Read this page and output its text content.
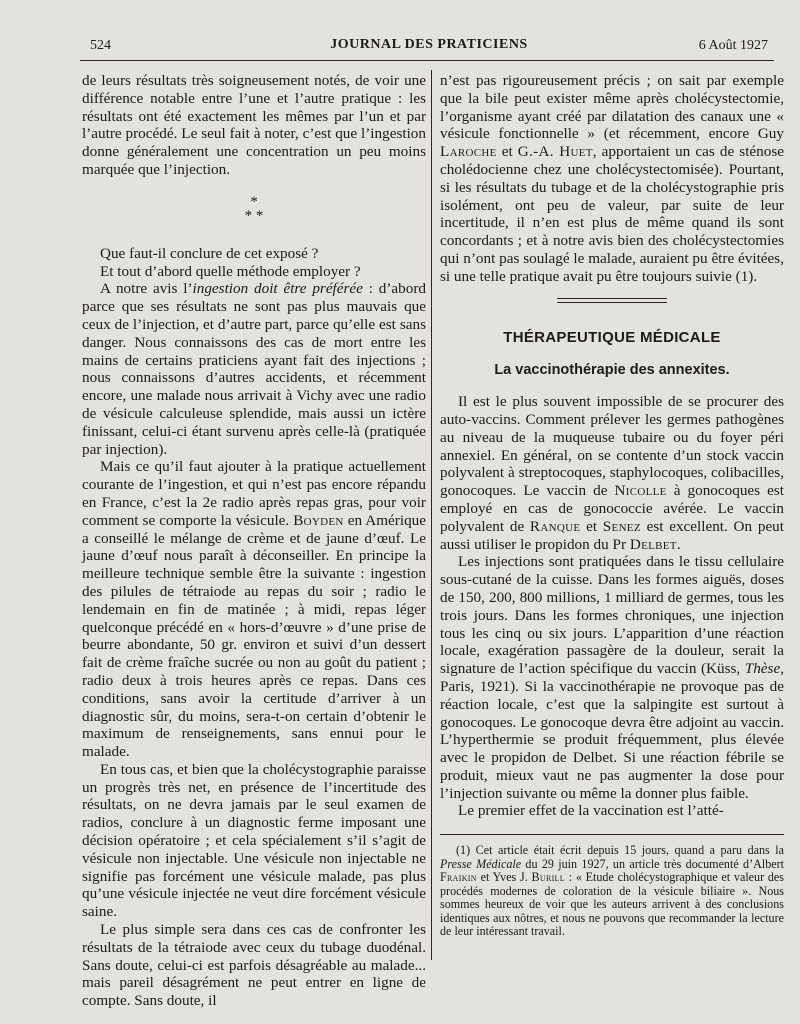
524	JOURNAL DES PRATICIENS	6 Août 1927

de leurs résultats très soigneusement notés, de voir une différence notable entre l’une et l’autre pratique : les résultats ont été exactement les mêmes par l’un et par l’autre procédé. Le seul fait à noter, c’est que l’ingestion donne généralement une concentration un peu moins marquée que l’injection.

*
* *

Que faut-il conclure de cet exposé ?

Et tout d’abord quelle méthode employer ?

A notre avis l’ingestion doit être préférée : d’abord parce que ses résultats ne sont pas plus mauvais que ceux de l’injection, et d’autre part, parce qu’elle est sans danger. Nous connaissons des cas de mort entre les mains de certains praticiens ayant fait des injections ; nous connaissons d’autres accidents, et récemment encore, une malade nous arrivait à Vichy avec une radio de vésicule calculeuse splendide, mais aussi un ictère finissant, celui-ci étant survenu après celle-là (pratiquée par injection).

Mais ce qu’il faut ajouter à la pratique actuellement courante de l’ingestion, et qui n’est pas encore répandu en France, c’est la 2e radio après repas gras, pour voir comment se comporte la vésicule. Boyden en Amérique a conseillé le mélange de crème et de jaune d’œuf. Le jaune d’œuf nous paraît à déconseiller. En principe la meilleure technique semble être la suivante : ingestion des pilules de tétraiode au repas du soir ; radio le lendemain en fin de matinée ; à midi, repas léger quelconque précédé en « hors-d’œuvre » d’une prise de beurre abondante, 50 gr. environ et suivi d’un dessert fait de crème fraîche sucrée ou non au goût du patient ; radio deux à trois heures après ce repas. Dans ces conditions, sans avoir la certitude d’arriver à un diagnostic sûr, du moins, sera-t-on certain d’obtenir le maximum de renseignements, sans ennui pour le malade.

En tous cas, et bien que la cholécystographie paraisse un progrès très net, en présence de l’incertitude des résultats, on ne devra jamais par le seul examen de radios, conclure à un diagnostic ferme imposant une décision opératoire ; et cela spécialement s’il s’agit de vésicule non injectable. Une vésicule non injectable ne signifie pas forcément une vésicule malade, pas plus qu’une vésicule injectée ne veut dire forcément vésicule saine.

Le plus simple sera dans ces cas de confronter les résultats de la tétraiode avec ceux du tubage duodénal. Sans doute, celui-ci est parfois désagréable au malade... mais pareil désagrément ne peut entrer en ligne de compte. Sans doute, il

n’est pas rigoureusement précis ; on sait par exemple que la bile peut exister même après cholécystectomie, l’organisme ayant créé par dilatation des canaux une « vésicule fonctionnelle » (et récemment, encore Guy Laroche et G.-A. Huet, apportaient un cas de sténose cholédocienne chez une cholécystectomisée). Pourtant, si les résultats du tubage et de la cholécystographie pris isolément, ont peu de valeur, par suite de leur incertitude, il n’en est plus de même quand ils sont concordants ; et à notre avis bien des cholécystectomies qui n’ont pas soulagé le malade, auraient pu être évitées, si une telle pratique avait pu être toujours suivie (1).

THÉRAPEUTIQUE MÉDICALE
La vaccinothérapie des annexites.

Il est le plus souvent impossible de se procurer des auto-vaccins. Comment prélever les germes pathogènes au niveau de la muqueuse tubaire ou du foyer péri annexiel. En général, on se contente d’un stock vaccin polyvalent à streptocoques, staphylocoques, colibacilles, gonocoques. Le vaccin de Nicolle à gonocoques est employé en cas de gonococcie avérée. Le vaccin polyvalent de Ranque et Senez est excellent. On peut aussi utiliser le propidon du Pr Delbet.

Les injections sont pratiquées dans le tissu cellulaire sous-cutané de la cuisse. Dans les formes aiguës, doses de 150, 200, 800 millions, 1 milliard de germes, tous les trois jours. Dans les formes chroniques, une injection tous les cinq ou six jours. L’apparition d’une réaction locale, exagération passagère de la douleur, serait la signature de l’action spécifique du vaccin (Küss, Thèse, Paris, 1921). Si la vaccinothérapie ne provoque pas de réaction locale, c’est que la salpingite est surtout à gonocoques. Le gonocoque devra être adjoint au vaccin. L’hyperthermie se produit fréquemment, plus élevée avec le propidon de Delbet. Si une réaction fébrile se produit, mieux vaut ne pas augmenter la dose pour l’injection suivante ou même la donner plus faible.

Le premier effet de la vaccination est l’atté-

(1) Cet article était écrit depuis 15 jours, quand a paru dans la Presse Médicale du 29 juin 1927, un article très documenté d’Albert Fraikin et Yves J. Burill : « Etude cholécystographique et valeur des procédés modernes de coloration de la vésicule biliaire ». Nous sommes heureux de voir que les auteurs arrivent à des conclusions identiques aux nôtres, et nous ne pouvons que recommander la lecture de leur intéressant travail.
